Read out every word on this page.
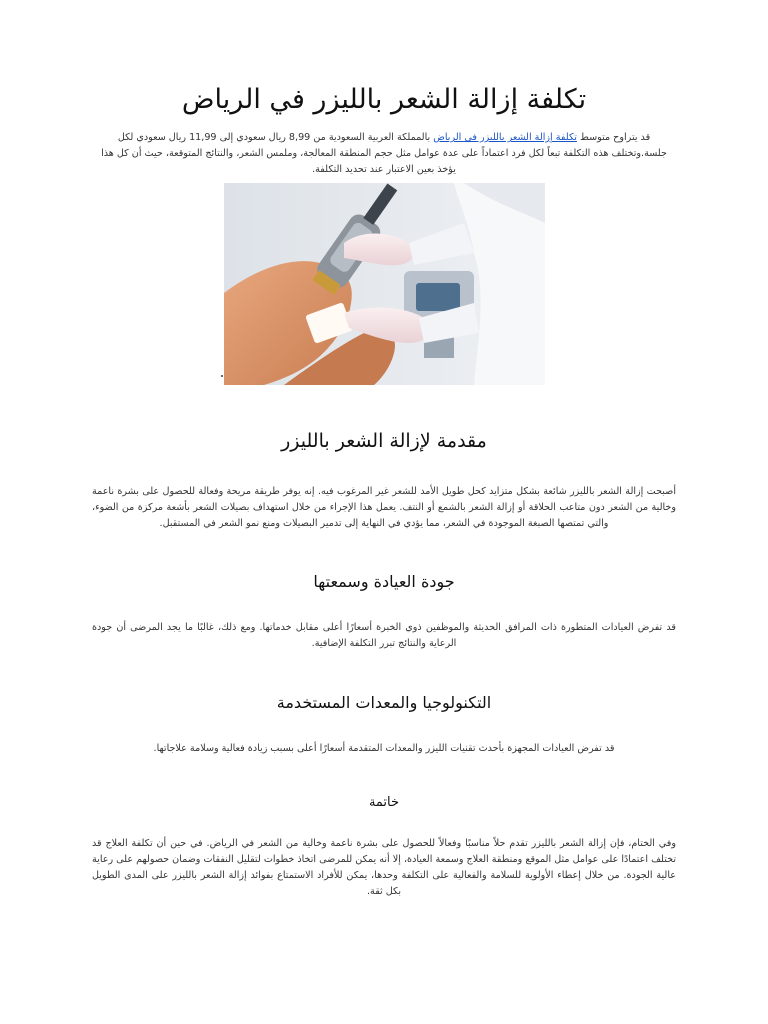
تكلفة إزالة الشعر بالليزر في الرياض

قد يتراوح متوسط تكلفة إزالة الشعر بالليزر في الرياض بالمملكة العربية السعودية من 8,99 ريال سعودي إلى 11,99 ريال سعودي لكل جلسة.وتختلف هذه التكلفة تبعاً لكل فرد اعتماداً على عدة عوامل مثل حجم المنطقة المعالجة، وملمس الشعر، والنتائج المتوقعة، حيث أن كل هذا يؤخذ بعين الاعتبار عند تحديد التكلفة.

مقدمة لإزالة الشعر بالليزر

أصبحت إزالة الشعر بالليزر شائعة بشكل متزايد كحل طويل الأمد للشعر غير المرغوب فيه. إنه يوفر طريقة مريحة وفعالة للحصول على بشرة ناعمة وخالية من الشعر دون متاعب الحلاقة أو إزالة الشعر بالشمع أو النتف. يعمل هذا الإجراء من خلال استهداف بصيلات الشعر بأشعة مركزة من الضوء، والتي تمتصها الصبغة الموجودة في الشعر، مما يؤدي في النهاية إلى تدمير البصيلات ومنع نمو الشعر في المستقبل.

جودة العيادة وسمعتها

قد تفرض العيادات المتطورة ذات المرافق الحديثة والموظفين ذوي الخبرة أسعارًا أعلى مقابل خدماتها. ومع ذلك، غالبًا ما يجد المرضى أن جودة الرعاية والنتائج تبرر التكلفة الإضافية.

التكنولوجيا والمعدات المستخدمة

قد تفرض العيادات المجهزة بأحدث تقنيات الليزر والمعدات المتقدمة أسعارًا أعلى بسبب زيادة فعالية وسلامة علاجاتها.

خاتمة

وفي الختام، فإن إزالة الشعر بالليزر تقدم حلاً مناسبًا وفعالاً للحصول على بشرة ناعمة وخالية من الشعر في الرياض. في حين أن تكلفة العلاج قد تختلف اعتمادًا على عوامل مثل الموقع ومنطقة العلاج وسمعة العيادة، إلا أنه يمكن للمرضى اتخاذ خطوات لتقليل النفقات وضمان حصولهم على رعاية عالية الجودة. من خلال إعطاء الأولوية للسلامة والفعالية على التكلفة وحدها، يمكن للأفراد الاستمتاع بفوائد إزالة الشعر بالليزر على المدى الطويل بكل ثقة.
